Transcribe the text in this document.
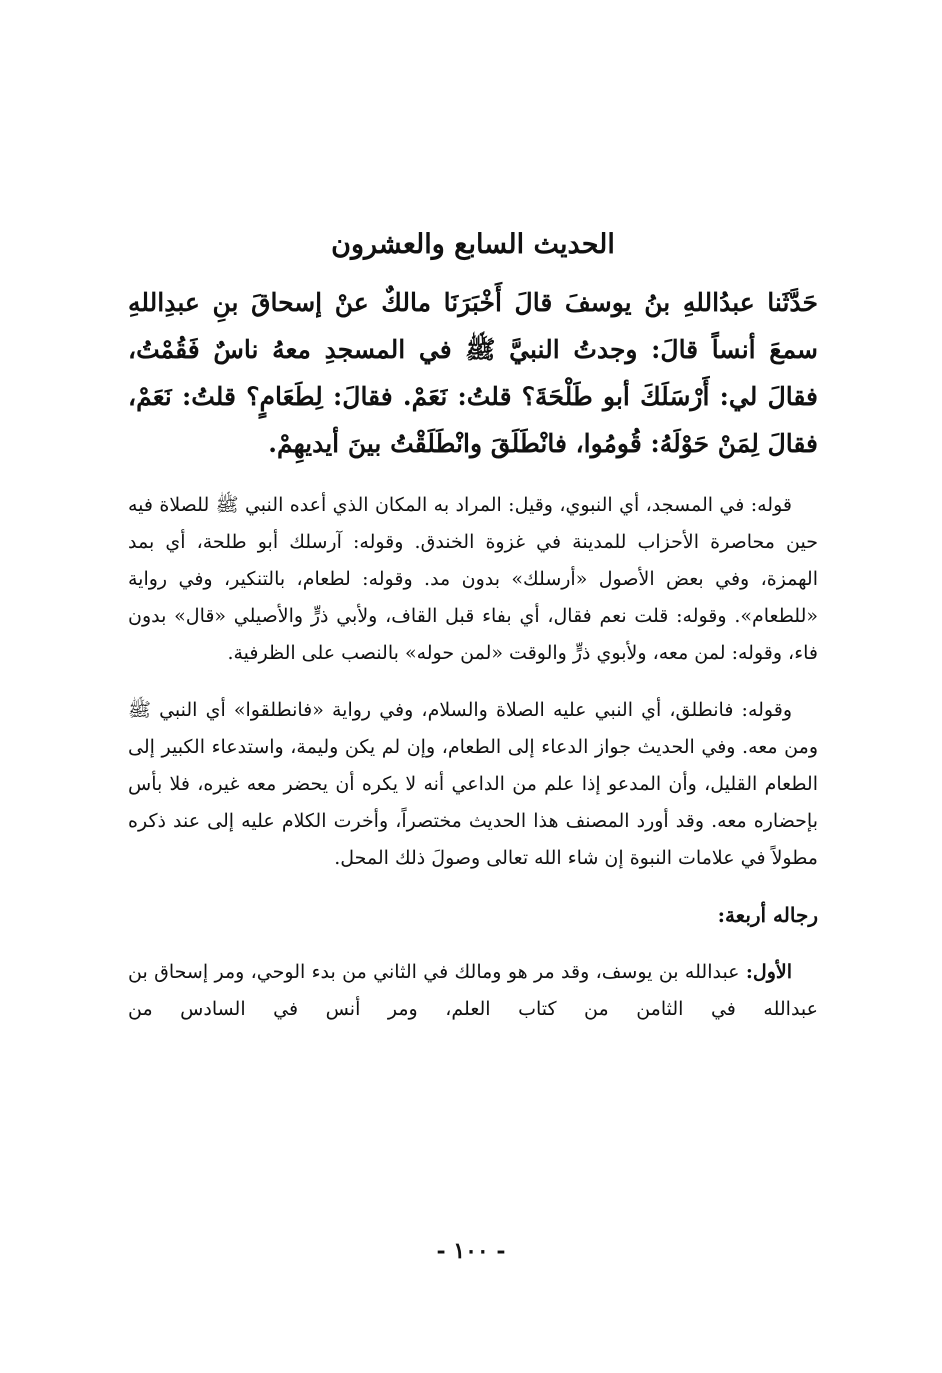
الحديث السابع والعشرون

حَدَّثَنا عبدُاللهِ بنُ يوسفَ قالَ أَخْبَرَنَا مالكٌ عنْ إسحاقَ بنِ عبدِاللهِ سمعَ أنساً قالَ: وجدتُ النبيَّ ﷺ في المسجدِ معهُ ناسٌ فَقُمْتُ، فقالَ لي: أَرْسَلَكَ أبو طَلْحَةَ؟ قلتُ: نَعَمْ. فقالَ: لِطَعَامٍ؟ قلتُ: نَعَمْ، فقالَ لِمَنْ حَوْلَهُ: قُومُوا، فانْطَلَقَ وانْطَلَقْتُ بينَ أيديهِمْ.

قوله: في المسجد، أي النبوي، وقيل: المراد به المكان الذي أعده النبي ﷺ للصلاة فيه حين محاصرة الأحزاب للمدينة في غزوة الخندق. وقوله: آرسلك أبو طلحة، أي بمد الهمزة، وفي بعض الأصول «أرسلك» بدون مد. وقوله: لطعام، بالتنكير، وفي رواية «للطعام». وقوله: قلت نعم فقال، أي بفاء قبل القاف، ولأبي ذرٍّ والأصيلي «قال» بدون فاء، وقوله: لمن معه، ولأبوي ذرٍّ والوقت «لمن حوله» بالنصب على الظرفية.

وقوله: فانطلق، أي النبي عليه الصلاة والسلام، وفي رواية «فانطلقوا» أي النبي ﷺ ومن معه. وفي الحديث جواز الدعاء إلى الطعام، وإن لم يكن وليمة، واستدعاء الكبير إلى الطعام القليل، وأن المدعو إذا علم من الداعي أنه لا يكره أن يحضر معه غيره، فلا بأس بإحضاره معه. وقد أورد المصنف هذا الحديث مختصراً، وأخرت الكلام عليه إلى عند ذكره مطولاً في علامات النبوة إن شاء الله تعالى وصولَ ذلك المحل.

رجاله أربعة:

الأول: عبدالله بن يوسف، وقد مر هو ومالك في الثاني من بدء الوحي، ومر إسحاق بن عبدالله في الثامن من كتاب العلم، ومر أنس في السادس من

- ١٠٠ -
